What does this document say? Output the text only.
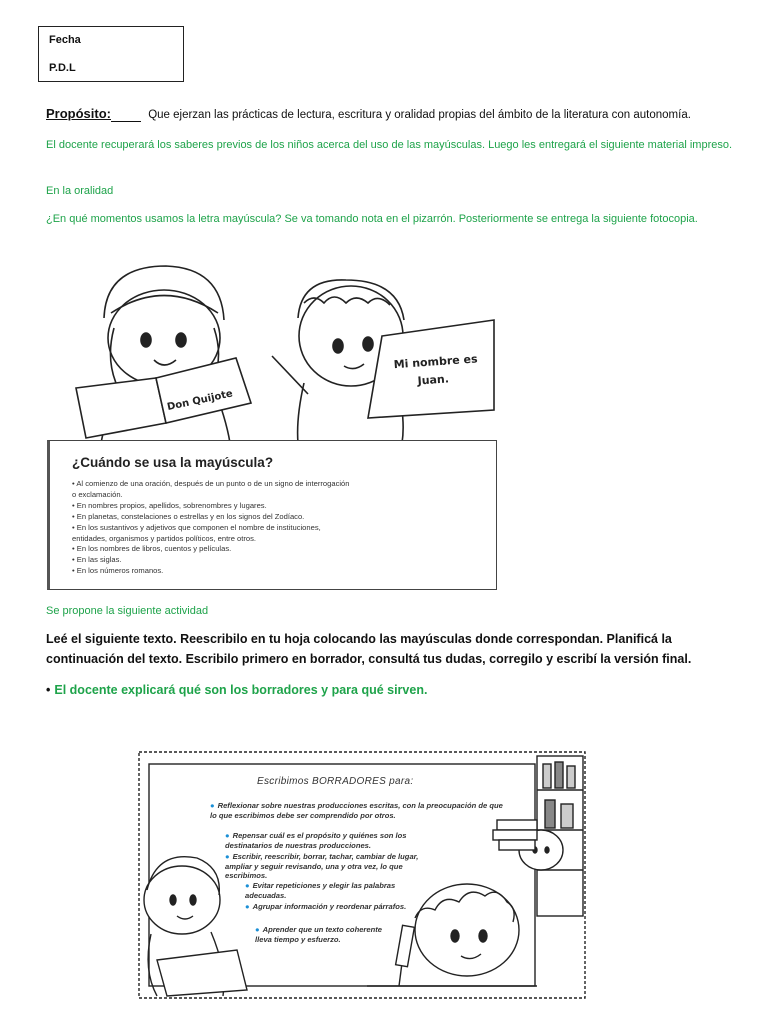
Fecha
P.D.L
Propósito:	Que ejerzan las prácticas de lectura, escritura y oralidad propias del ámbito de la literatura con autonomía.
El docente recuperará los saberes previos de los niños acerca del uso de las mayúsculas. Luego les entregará el siguiente material impreso.
En la oralidad
¿En qué momentos usamos la letra mayúscula? Se va tomando nota en el pizarrón. Posteriormente se entrega la siguiente fotocopia.
Don Quijote
Mi nombre es
Juan.
¿Cuándo se usa la mayúscula?
• Al comienzo de una oración, después de un punto o de un signo de interrogación
o exclamación.
• En nombres propios, apellidos, sobrenombres y lugares.
• En planetas, constelaciones o estrellas y en los signos del Zodíaco.
• En los sustantivos y adjetivos que componen el nombre de instituciones,
entidades, organismos y partidos políticos, entre otros.
• En los nombres de libros, cuentos y películas.
• En las siglas.
• En los números romanos.
Se propone la siguiente actividad
Leé el siguiente texto. Reescribilo en tu hoja colocando las mayúsculas donde correspondan. Planificá la continuación del texto. Escribilo primero en borrador, consultá tus dudas, corregilo y escribí la versión final.
• El docente explicará qué son los borradores y para qué sirven.
Escribimos BORRADORES para:
● Reflexionar sobre nuestras producciones escritas, con la preocupación de que lo que escribimos debe ser comprendido por otros.
● Repensar cuál es el propósito y quiénes son los destinatarios de nuestras producciones.
● Escribir, reescribir, borrar, tachar, cambiar de lugar, ampliar y seguir revisando, una y otra vez, lo que escribimos.
● Evitar repeticiones y elegir las palabras adecuadas.
● Agrupar información y reordenar párrafos.
● Aprender que un texto coherente lleva tiempo y esfuerzo.
